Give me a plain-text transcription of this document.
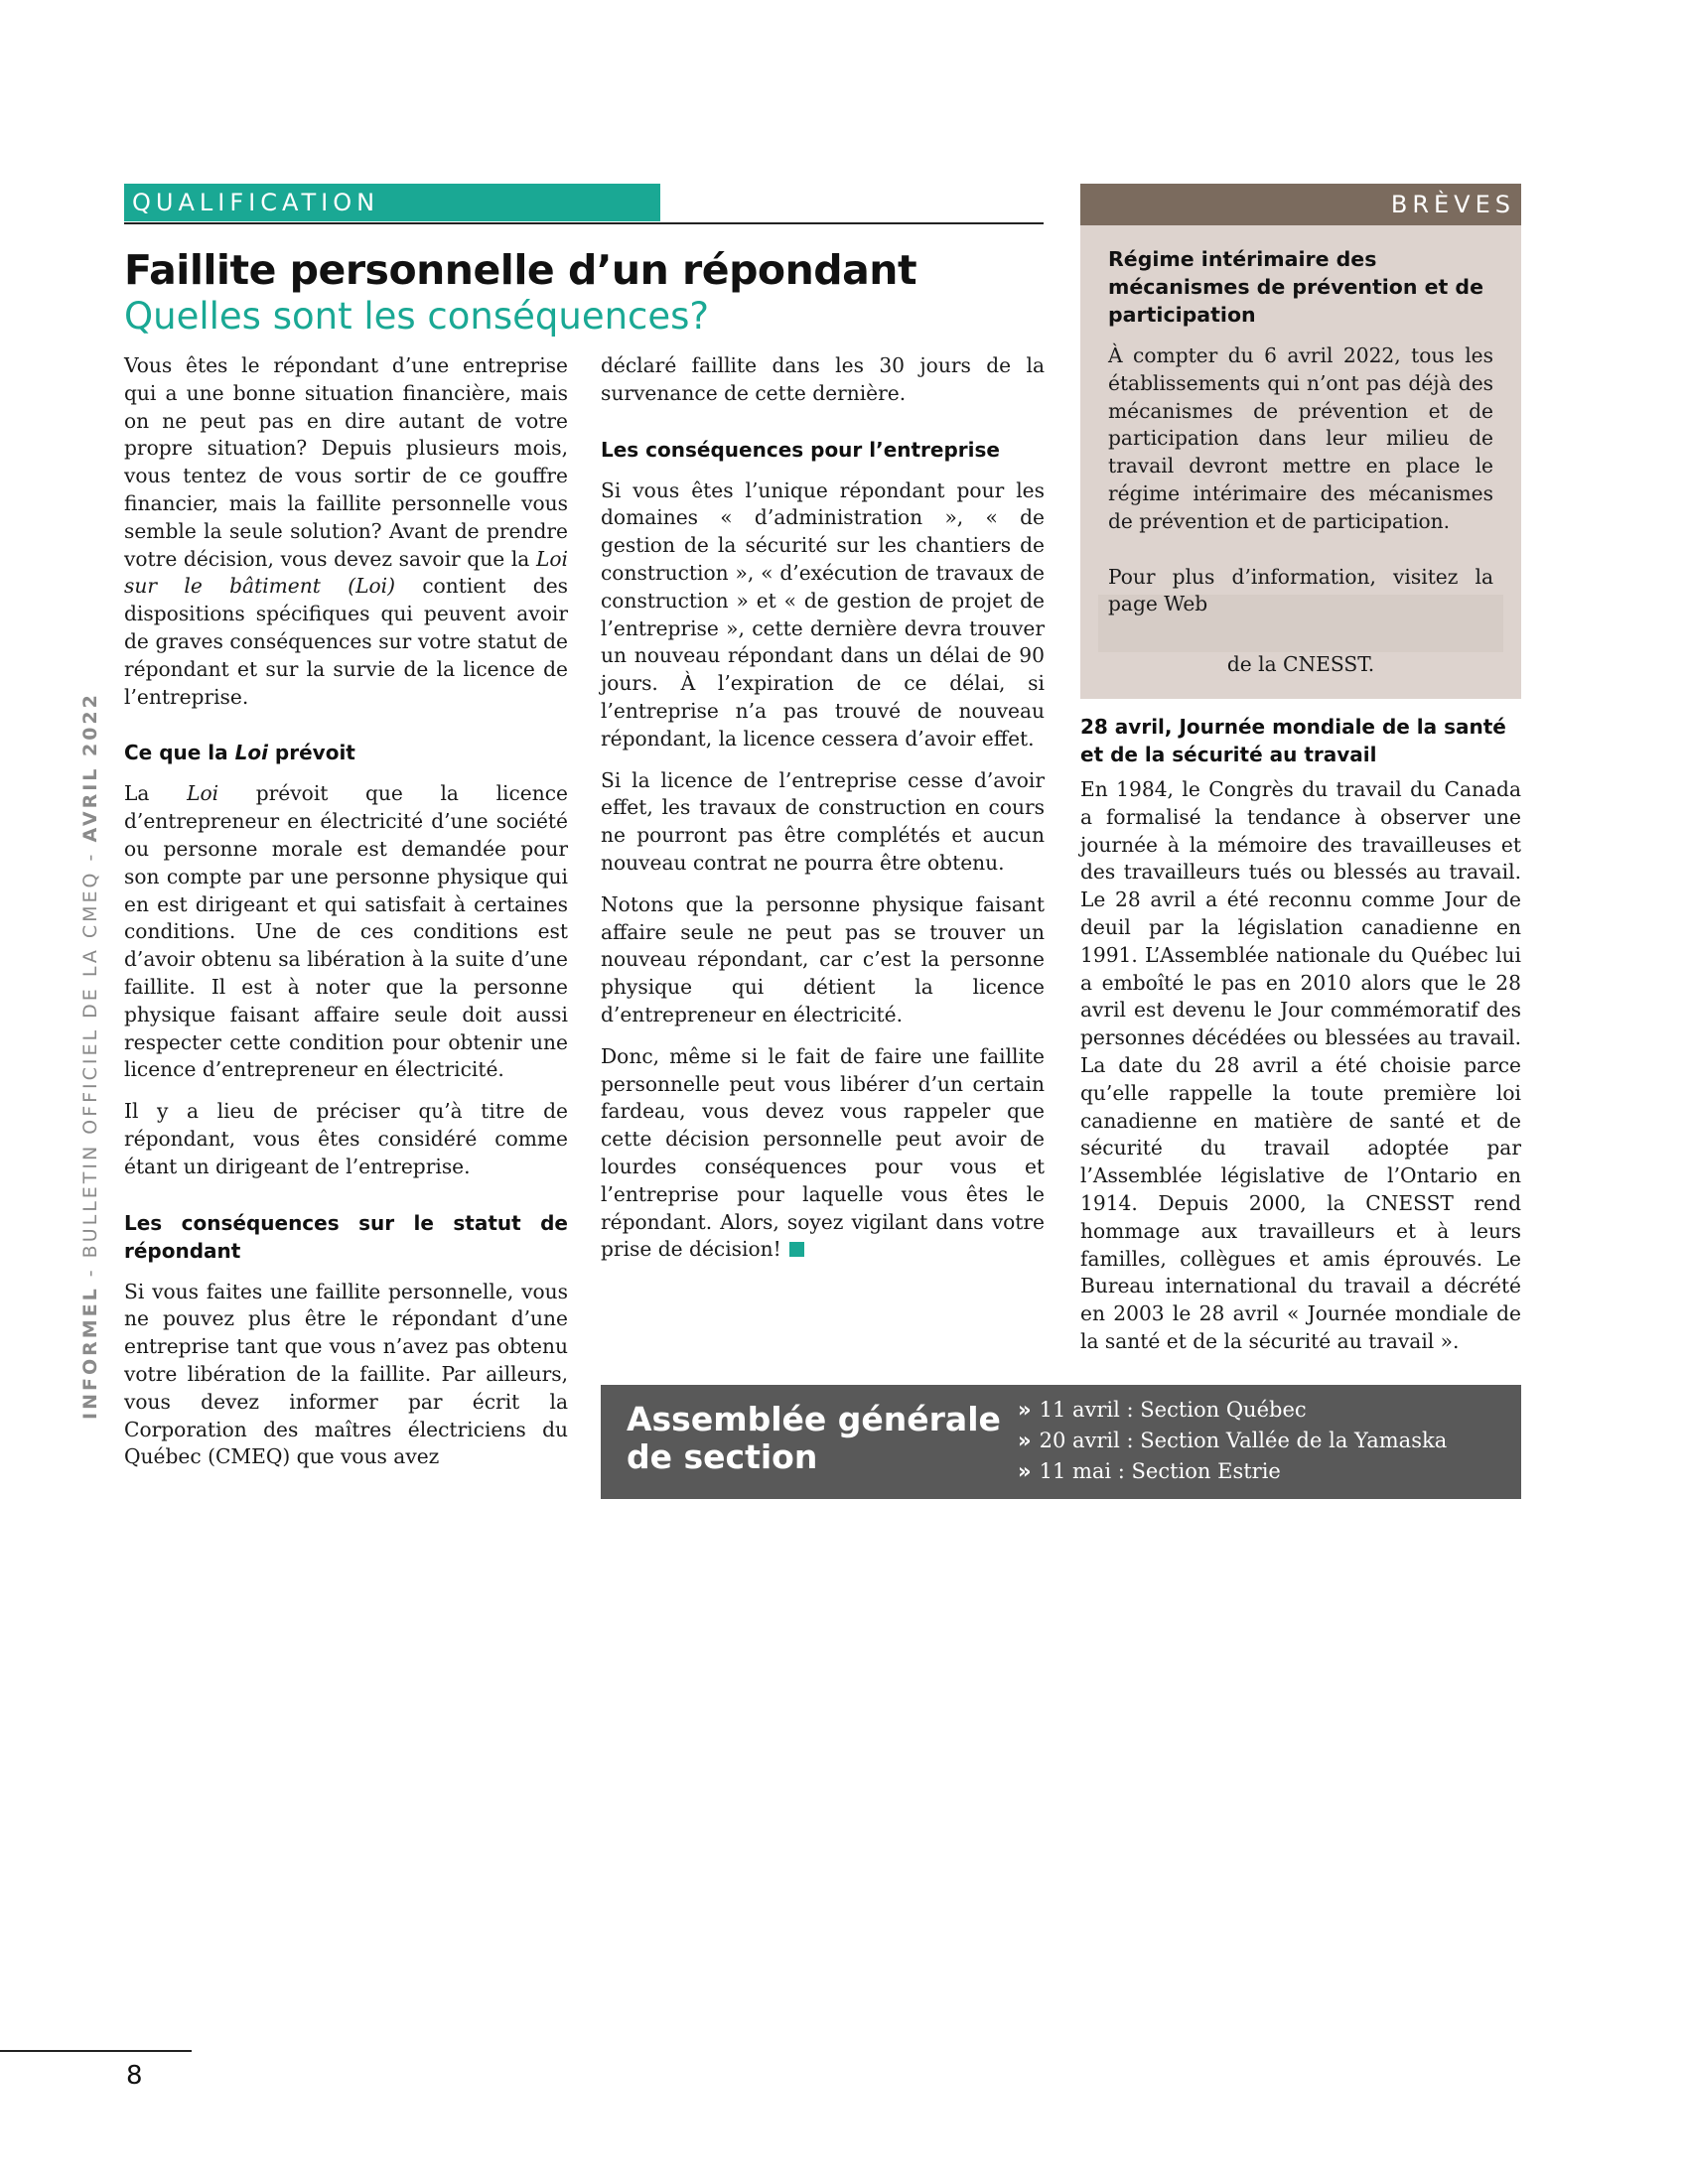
QUALIFICATION	BRÈVES
Faillite personnelle d’un répondant
Quelles sont les conséquences?

Vous êtes le répondant d’une entreprise qui a une bonne situation financière, mais on ne peut pas en dire autant de votre propre situation? Depuis plusieurs mois, vous tentez de vous sortir de ce gouffre financier, mais la faillite personnelle vous semble la seule solution? Avant de prendre votre décision, vous devez savoir que la Loi sur le bâtiment (Loi) contient des dispositions spécifiques qui peuvent avoir de graves conséquences sur votre statut de répondant et sur la survie de la licence de l’entreprise.

Ce que la Loi prévoit

La Loi prévoit que la licence d’entrepreneur en électricité d’une société ou personne morale est demandée pour son compte par une personne physique qui en est dirigeant et qui satisfait à certaines conditions. Une de ces conditions est d’avoir obtenu sa libération à la suite d’une faillite. Il est à noter que la personne physique faisant affaire seule doit aussi respecter cette condition pour obtenir une licence d’entrepreneur en électricité.

Il y a lieu de préciser qu’à titre de répondant, vous êtes considéré comme étant un dirigeant de l’entreprise.

Les conséquences sur le statut de répondant

Si vous faites une faillite personnelle, vous ne pouvez plus être le répondant d’une entreprise tant que vous n’avez pas obtenu votre libération de la faillite. Par ailleurs, vous devez informer par écrit la Corporation des maîtres électriciens du Québec (CMEQ) que vous avez

déclaré faillite dans les 30 jours de la survenance de cette dernière.

Les conséquences pour l’entreprise

Si vous êtes l’unique répondant pour les domaines « d’administration », « de gestion de la sécurité sur les chantiers de construction », « d’exécution de travaux de construction » et « de gestion de projet de l’entreprise », cette dernière devra trouver un nouveau répondant dans un délai de 90 jours. À l’expiration de ce délai, si l’entreprise n’a pas trouvé de nouveau répondant, la licence cessera d’avoir effet.

Si la licence de l’entreprise cesse d’avoir effet, les travaux de construction en cours ne pourront pas être complétés et aucun nouveau contrat ne pourra être obtenu.

Notons que la personne physique faisant affaire seule ne peut pas se trouver un nouveau répondant, car c’est la personne physique qui détient la licence d’entrepreneur en électricité.

Donc, même si le fait de faire une faillite personnelle peut vous libérer d’un certain fardeau, vous devez vous rappeler que cette décision personnelle peut avoir de lourdes conséquences pour vous et l’entreprise pour laquelle vous êtes le répondant. Alors, soyez vigilant dans votre prise de décision!

Régime intérimaire des mécanismes de prévention et de participation

À compter du 6 avril 2022, tous les établissements qui n’ont pas déjà des mécanismes de prévention et de participation dans leur milieu de travail devront mettre en place le régime intérimaire des mécanismes de prévention et de participation.

Pour plus d’information, visitez la page Web

de la CNESST.

28 avril, Journée mondiale de la santé et de la sécurité au travail

En 1984, le Congrès du travail du Canada a formalisé la tendance à observer une journée à la mémoire des travailleuses et des travailleurs tués ou blessés au travail. Le 28 avril a été reconnu comme Jour de deuil par la législation canadienne en 1991. L’Assemblée nationale du Québec lui a emboîté le pas en 2010 alors que le 28 avril est devenu le Jour commémoratif des personnes décédées ou blessées au travail. La date du 28 avril a été choisie parce qu’elle rappelle la toute première loi canadienne en matière de santé et de sécurité du travail adoptée par l’Assemblée législative de l’Ontario en 1914. Depuis 2000, la CNESST rend hommage aux travailleurs et à leurs familles, collègues et amis éprouvés. Le Bureau international du travail a décrété en 2003 le 28 avril « Journée mondiale de la santé et de la sécurité au travail ».

Assemblée générale de section
» 11 avril : Section Québec
» 20 avril : Section Vallée de la Yamaska
» 11 mai : Section Estrie
INFORMEL - BULLETIN OFFICIEL DE LA CMEQ - AVRIL 2022
8
